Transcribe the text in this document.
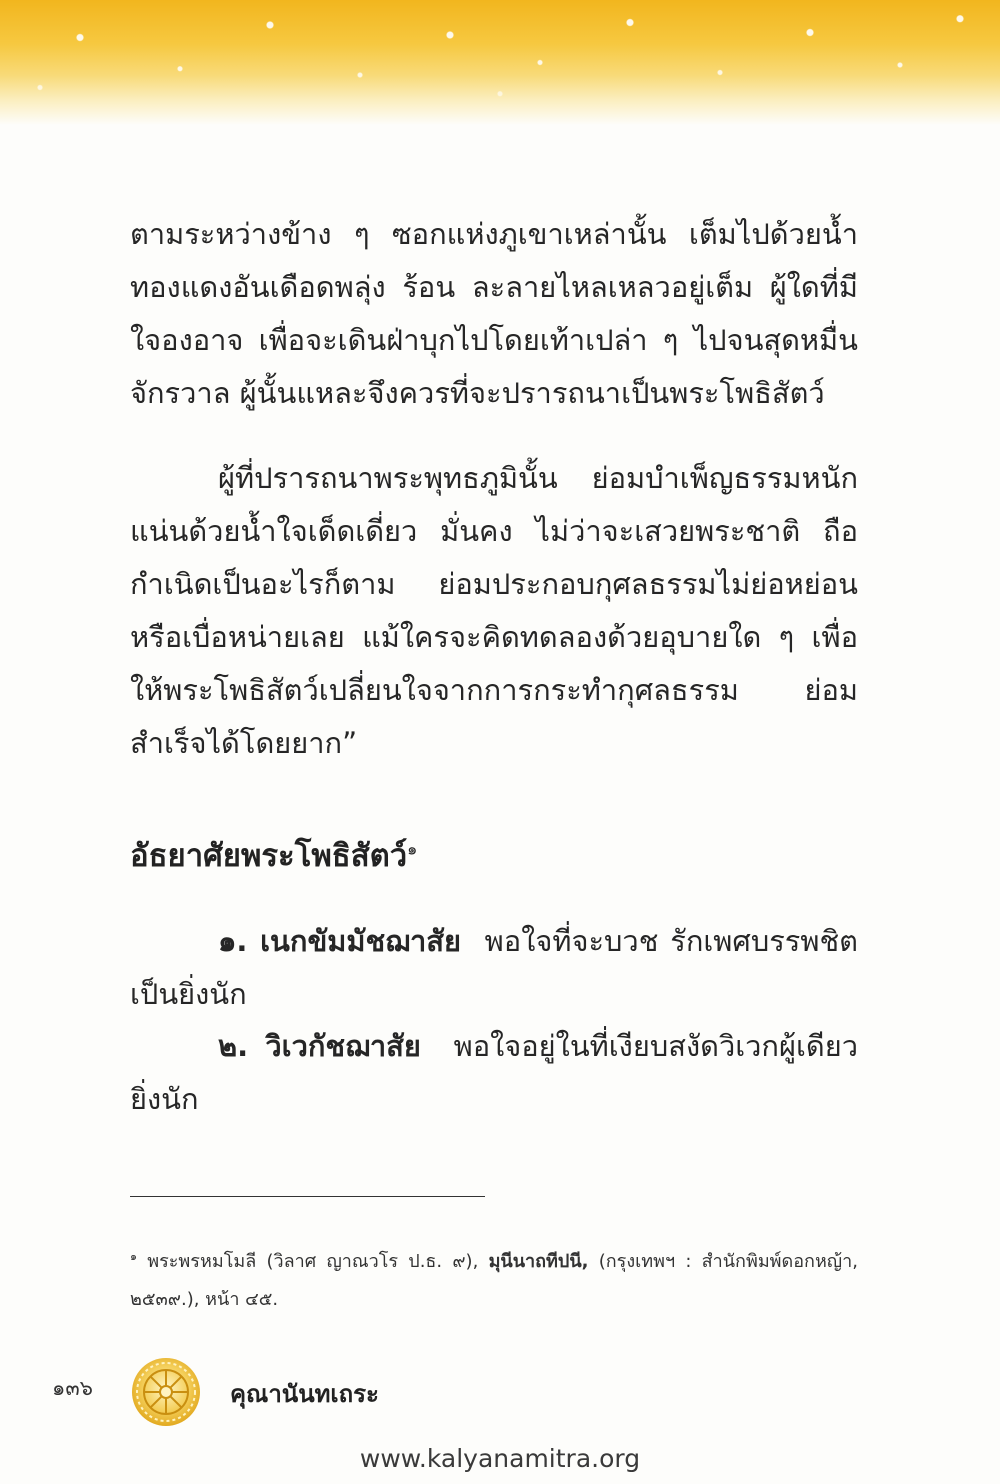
ตามระหว่างข้าง ๆ ซอกแห่งภูเขาเหล่านั้น เต็มไปด้วยน้ำทองแดงอันเดือดพลุ่ง ร้อน ละลายไหลเหลวอยู่เต็ม ผู้ใดที่มีใจองอาจ เพื่อจะเดินฝ่าบุกไปโดยเท้าเปล่า ๆ ไปจนสุดหมื่นจักรวาล ผู้นั้นแหละจึงควรที่จะปรารถนาเป็นพระโพธิสัตว์

ผู้ที่ปรารถนาพระพุทธภูมินั้น ย่อมบำเพ็ญธรรมหนักแน่นด้วยน้ำใจเด็ดเดี่ยว มั่นคง ไม่ว่าจะเสวยพระชาติ ถือกำเนิดเป็นอะไรก็ตาม ย่อมประกอบกุศลธรรมไม่ย่อหย่อน หรือเบื่อหน่ายเลย แม้ใครจะคิดทดลองด้วยอุบายใด ๆ เพื่อให้พระโพธิสัตว์เปลี่ยนใจจากการกระทำกุศลธรรม ย่อมสำเร็จได้โดยยาก”

อัธยาศัยพระโพธิสัตว์$^๑$

๑. เนกขัมมัชฌาสัย พอใจที่จะบวช รักเพศบรรพชิตเป็นยิ่งนัก

๒. วิเวกัชฌาสัย พอใจอยู่ในที่เงียบสงัดวิเวกผู้เดียวยิ่งนัก

$^๑$ พระพรหมโมลี (วิลาศ ญาณวโร ป.ธ. ๙), มุนีนาถทีปนี, (กรุงเทพฯ : สำนักพิมพ์ดอกหญ้า, ๒๕๓๙.), หน้า ๔๕.

๑๓๖	คุณานันทเถระ
www.kalyanamitra.org
